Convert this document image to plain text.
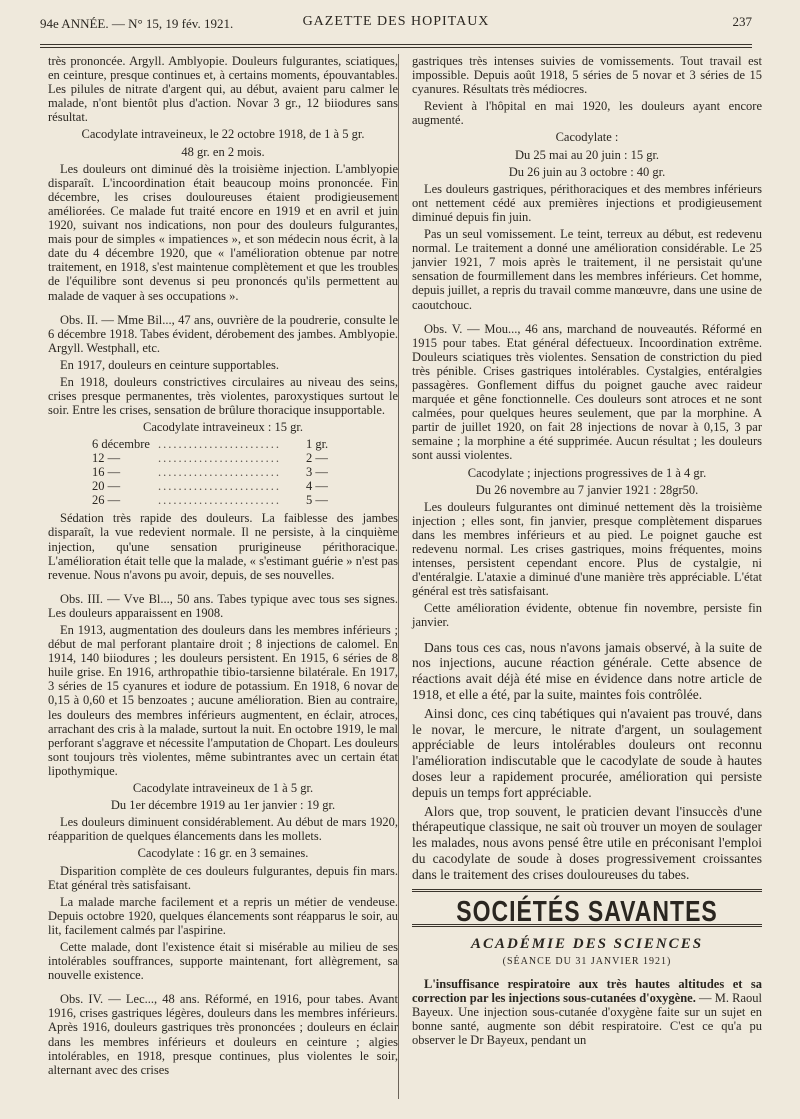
94e ANNÉE. — N° 15, 19 fév. 1921.	GAZETTE DES HOPITAUX	237

très prononcée. Argyll. Amblyopie. Douleurs fulgurantes, sciatiques, en ceinture, presque continues et, à certains moments, épouvantables. Les pilules de nitrate d'argent qui, au début, avaient paru calmer le malade, n'ont bientôt plus d'action. Novar 3 gr., 12 biiodures sans résultat.

Cacodylate intraveineux, le 22 octobre 1918, de 1 à 5 gr.

48 gr. en 2 mois.

Les douleurs ont diminué dès la troisième injection. L'amblyopie disparaît. L'incoordination était beaucoup moins prononcée. Fin décembre, les crises douloureuses étaient prodigieusement améliorées. Ce malade fut traité encore en 1919 et en avril et juin 1920, suivant nos indications, non pour des douleurs fulgurantes, mais pour de simples « impatiences », et son médecin nous écrit, à la date du 4 décembre 1920, que « l'amélioration obtenue par notre traitement, en 1918, s'est maintenue complètement et que les troubles de l'équilibre sont devenus si peu prononcés qu'ils permettent au malade de vaquer à ses occupations ».

Obs. II. — Mme Bil..., 47 ans, ouvrière de la poudrerie, consulte le 6 décembre 1918. Tabes évident, dérobement des jambes. Amblyopie. Argyll. Westphall, etc.

En 1917, douleurs en ceinture supportables.

En 1918, douleurs constrictives circulaires au niveau des seins, crises presque permanentes, très violentes, paroxystiques surtout le soir. Entre les crises, sensation de brûlure thoracique insupportable.

Cacodylate intraveineux : 15 gr.

6 décembre	........................	1 gr.
12 —	........................	2 —
16 —	........................	3 —
20 —	........................	4 —
26 —	........................	5 —

Sédation très rapide des douleurs. La faiblesse des jambes disparaît, la vue redevient normale. Il ne persiste, à la cinquième injection, qu'une sensation prurigineuse périthoracique. L'amélioration était telle que la malade, « s'estimant guérie » n'est pas revenue. Nous n'avons pu avoir, depuis, de ses nouvelles.

Obs. III. — Vve Bl..., 50 ans. Tabes typique avec tous ses signes. Les douleurs apparaissent en 1908.

En 1913, augmentation des douleurs dans les membres inférieurs ; début de mal perforant plantaire droit ; 8 injections de calomel. En 1914, 140 biiodures ; les douleurs persistent. En 1915, 6 séries de 8 huile grise. En 1916, arthropathie tibio-tarsienne bilatérale. En 1917, 3 séries de 15 cyanures et iodure de potassium. En 1918, 6 novar de 0,15 à 0,60 et 15 benzoates ; aucune amélioration. Bien au contraire, les douleurs des membres inférieurs augmentent, en éclair, atroces, arrachant des cris à la malade, surtout la nuit. En octobre 1919, le mal perforant s'aggrave et nécessite l'amputation de Chopart. Les douleurs sont toujours très violentes, même subintrantes avec un certain état lipothymique.

Cacodylate intraveineux de 1 à 5 gr.

Du 1er décembre 1919 au 1er janvier : 19 gr.

Les douleurs diminuent considérablement. Au début de mars 1920, réapparition de quelques élancements dans les mollets.

Cacodylate : 16 gr. en 3 semaines.

Disparition complète de ces douleurs fulgurantes, depuis fin mars. Etat général très satisfaisant.

La malade marche facilement et a repris un métier de vendeuse. Depuis octobre 1920, quelques élancements sont réapparus le soir, au lit, facilement calmés par l'aspirine.

Cette malade, dont l'existence était si misérable au milieu de ses intolérables souffrances, supporte maintenant, fort allègrement, sa nouvelle existence.

Obs. IV. — Lec..., 48 ans. Réformé, en 1916, pour tabes. Avant 1916, crises gastriques légères, douleurs dans les membres inférieurs. Après 1916, douleurs gastriques très prononcées ; douleurs en éclair dans les membres inférieurs et douleurs en ceinture ; algies intolérables, en 1918, presque continues, plus violentes le soir, alternant avec des crises

gastriques très intenses suivies de vomissements. Tout travail est impossible. Depuis août 1918, 5 séries de 5 novar et 3 séries de 15 cyanures. Résultats très médiocres.

Revient à l'hôpital en mai 1920, les douleurs ayant encore augmenté.

Cacodylate :

Du 25 mai au 20 juin : 15 gr.

Du 26 juin au 3 octobre : 40 gr.

Les douleurs gastriques, périthoraciques et des membres inférieurs ont nettement cédé aux premières injections et prodigieusement diminué depuis fin juin.

Pas un seul vomissement. Le teint, terreux au début, est redevenu normal. Le traitement a donné une amélioration considérable. Le 25 janvier 1921, 7 mois après le traitement, il ne persistait qu'une sensation de fourmillement dans les membres inférieurs. Cet homme, depuis juillet, a repris du travail comme manœuvre, dans une usine de caoutchouc.

Obs. V. — Mou..., 46 ans, marchand de nouveautés. Réformé en 1915 pour tabes. Etat général défectueux. Incoordination extrême. Douleurs sciatiques très violentes. Sensation de constriction du pied très pénible. Crises gastriques intolérables. Cystalgies, entéralgies passagères. Gonflement diffus du poignet gauche avec raideur marquée et gêne fonctionnelle. Ces douleurs sont atroces et ne sont calmées, pour quelques heures seulement, que par la morphine. A partir de juillet 1920, on fait 28 injections de novar à 0,15, 3 par semaine ; la morphine a été supprimée. Aucun résultat ; les douleurs sont aussi violentes.

Cacodylate ; injections progressives de 1 à 4 gr.

Du 26 novembre au 7 janvier 1921 : 28gr50.

Les douleurs fulgurantes ont diminué nettement dès la troisième injection ; elles sont, fin janvier, presque complètement disparues dans les membres inférieurs et au pied. Le poignet gauche est redevenu normal. Les crises gastriques, moins fréquentes, moins intenses, persistent cependant encore. Plus de cystalgie, ni d'entéralgie. L'ataxie a diminué d'une manière très appréciable. L'état général est très satisfaisant.

Cette amélioration évidente, obtenue fin novembre, persiste fin janvier.

Dans tous ces cas, nous n'avons jamais observé, à la suite de nos injections, aucune réaction générale. Cette absence de réactions avait déjà été mise en évidence dans notre article de 1918, et elle a été, par la suite, maintes fois contrôlée.

Ainsi donc, ces cinq tabétiques qui n'avaient pas trouvé, dans le novar, le mercure, le nitrate d'argent, un soulagement appréciable de leurs intolérables douleurs ont reconnu l'amélioration indiscutable que le cacodylate de soude à hautes doses leur a rapidement procurée, amélioration qui persiste depuis un temps fort appréciable.

Alors que, trop souvent, le praticien devant l'insuccès d'une thérapeutique classique, ne sait où trouver un moyen de soulager les malades, nous avons pensé être utile en préconisant l'emploi du cacodylate de soude à doses progressivement croissantes dans le traitement des crises douloureuses du tabes.

SOCIÉTÉS SAVANTES
ACADÉMIE DES SCIENCES
(SÉANCE DU 31 JANVIER 1921)

L'insuffisance respiratoire aux très hautes altitudes et sa correction par les injections sous-cutanées d'oxygène. — M. Raoul Bayeux. Une injection sous-cutanée d'oxygène faite sur un sujet en bonne santé, augmente son débit respiratoire. C'est ce qu'a pu observer le Dr Bayeux, pendant un
